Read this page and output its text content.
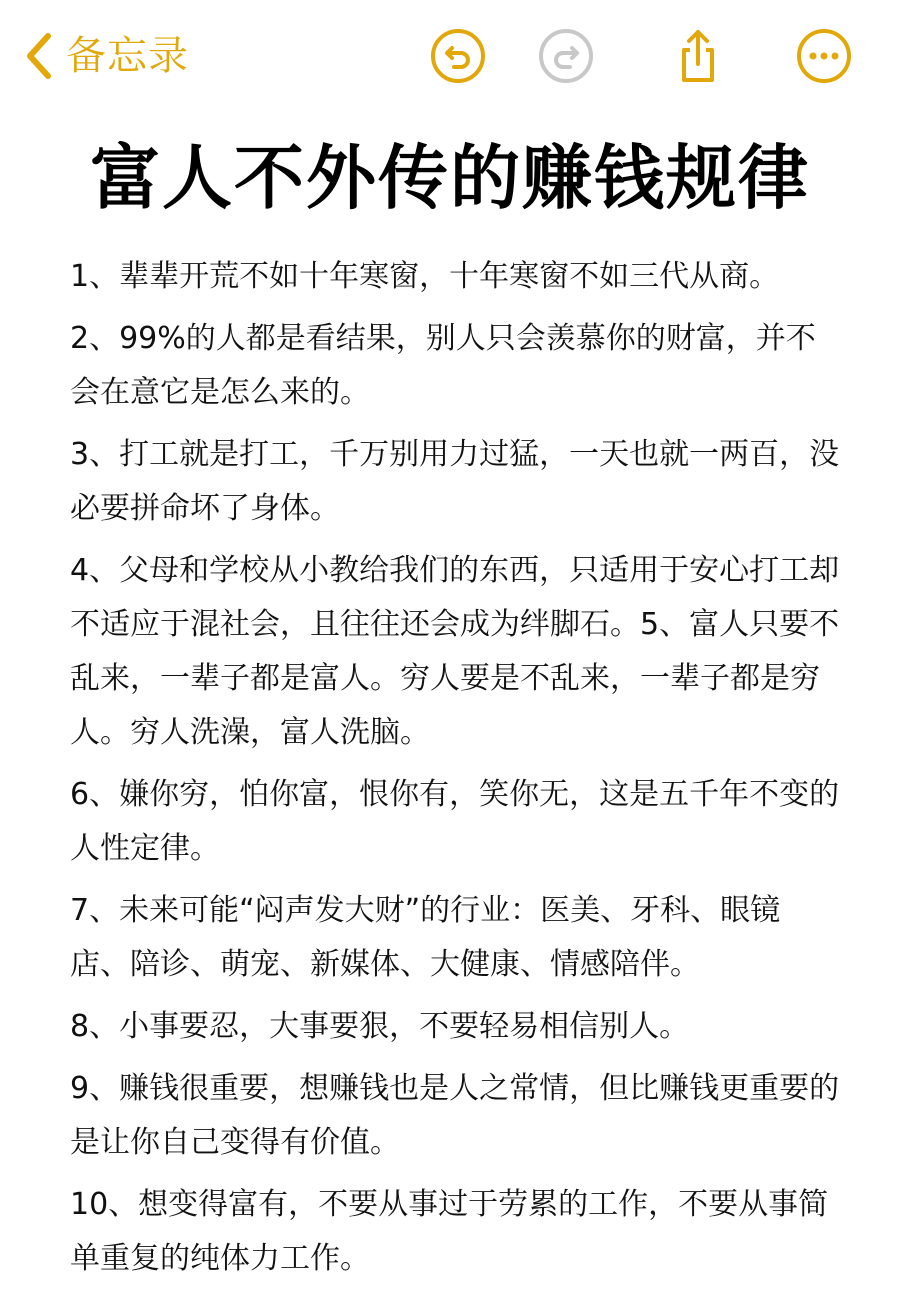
备忘录
富人不外传的赚钱规律

1、辈辈开荒不如十年寒窗，十年寒窗不如三代从商。

2、99%的人都是看结果，别人只会羡慕你的财富，并不会在意它是怎么来的。

3、打工就是打工，千万别用力过猛，一天也就一两百，没必要拼命坏了身体。

4、父母和学校从小教给我们的东西，只适用于安心打工却不适应于混社会，且往往还会成为绊脚石。5、富人只要不乱来，一辈子都是富人。穷人要是不乱来，一辈子都是穷人。穷人洗澡，富人洗脑。

6、嫌你穷，怕你富，恨你有，笑你无，这是五千年不变的人性定律。

7、未来可能“闷声发大财”的行业：医美、牙科、眼镜店、陪诊、萌宠、新媒体、大健康、情感陪伴。

8、小事要忍，大事要狠，不要轻易相信别人。

9、赚钱很重要，想赚钱也是人之常情，但比赚钱更重要的是让你自己变得有价值。

10、想变得富有，不要从事过于劳累的工作，不要从事简单重复的纯体力工作。
